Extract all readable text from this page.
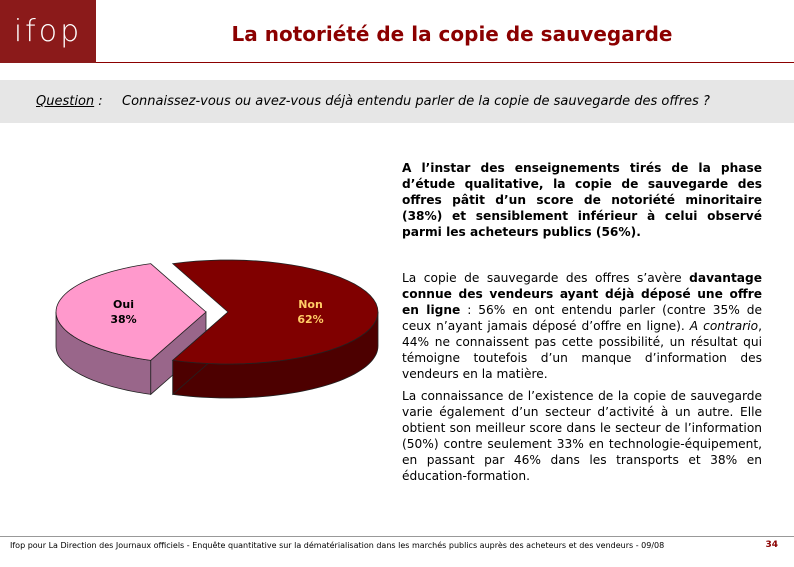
ifop	La notoriété de la copie de sauvegarde
Question : Connaissez-vous ou avez-vous déjà entendu parler de la copie de sauvegarde des offres ?
Oui 38%
Non 62%
A l’instar des enseignements tirés de la phase d’étude qualitative, la copie de sauvegarde des offres pâtit d’un score de notoriété minoritaire (38%) et sensiblement inférieur à celui observé parmi les acheteurs publics (56%).
La copie de sauvegarde des offres s’avère davantage connue des vendeurs ayant déjà déposé une offre en ligne : 56% en ont entendu parler (contre 35% de ceux n’ayant jamais déposé d’offre en ligne). A contrario, 44% ne connaissent pas cette possibilité, un résultat qui témoigne toutefois d’un manque d’information des vendeurs en la matière.
La connaissance de l’existence de la copie de sauvegarde varie également d’un secteur d’activité à un autre. Elle obtient son meilleur score dans le secteur de l’information (50%) contre seulement 33% en technologie-équipement, en passant par 46% dans les transports et 38% en éducation-formation.
Ifop pour La Direction des Journaux officiels - Enquête quantitative sur la dématérialisation dans les marchés publics auprès des acheteurs et des vendeurs - 09/08	34
